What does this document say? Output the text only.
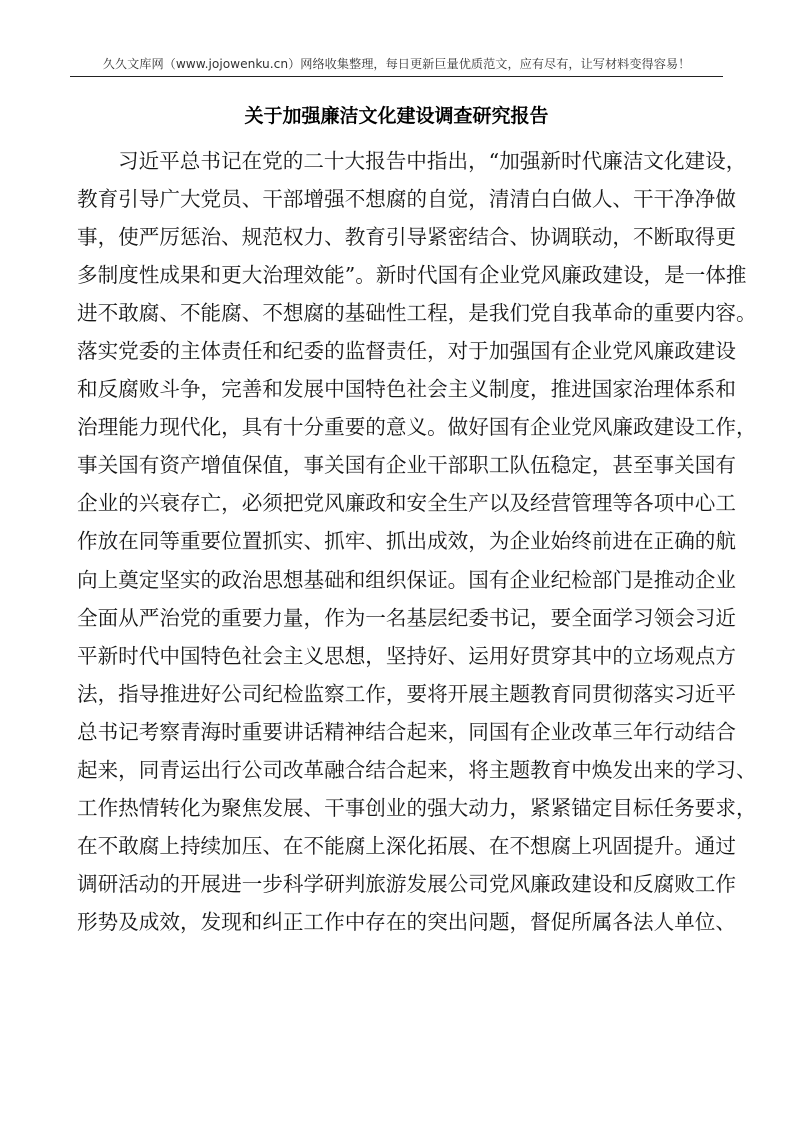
久久文库网（www.jojowenku.cn）网络收集整理，每日更新巨量优质范文，应有尽有，让写材料变得容易！
关于加强廉洁文化建设调查研究报告
习近平总书记在党的二十大报告中指出，“加强新时代廉洁文化建设，
教育引导广大党员、干部增强不想腐的自觉，清清白白做人、干干净净做
事，使严厉惩治、规范权力、教育引导紧密结合、协调联动，不断取得更
多制度性成果和更大治理效能”。新时代国有企业党风廉政建设，是一体推
进不敢腐、不能腐、不想腐的基础性工程，是我们党自我革命的重要内容。
落实党委的主体责任和纪委的监督责任，对于加强国有企业党风廉政建设
和反腐败斗争，完善和发展中国特色社会主义制度，推进国家治理体系和
治理能力现代化，具有十分重要的意义。做好国有企业党风廉政建设工作，
事关国有资产增值保值，事关国有企业干部职工队伍稳定，甚至事关国有
企业的兴衰存亡，必须把党风廉政和安全生产以及经营管理等各项中心工
作放在同等重要位置抓实、抓牢、抓出成效，为企业始终前进在正确的航
向上奠定坚实的政治思想基础和组织保证。国有企业纪检部门是推动企业
全面从严治党的重要力量，作为一名基层纪委书记，要全面学习领会习近
平新时代中国特色社会主义思想，坚持好、运用好贯穿其中的立场观点方
法，指导推进好公司纪检监察工作，要将开展主题教育同贯彻落实习近平
总书记考察青海时重要讲话精神结合起来，同国有企业改革三年行动结合
起来，同青运出行公司改革融合结合起来，将主题教育中焕发出来的学习、
工作热情转化为聚焦发展、干事创业的强大动力，紧紧锚定目标任务要求，
在不敢腐上持续加压、在不能腐上深化拓展、在不想腐上巩固提升。通过
调研活动的开展进一步科学研判旅游发展公司党风廉政建设和反腐败工作
形势及成效，发现和纠正工作中存在的突出问题，督促所属各法人单位、
